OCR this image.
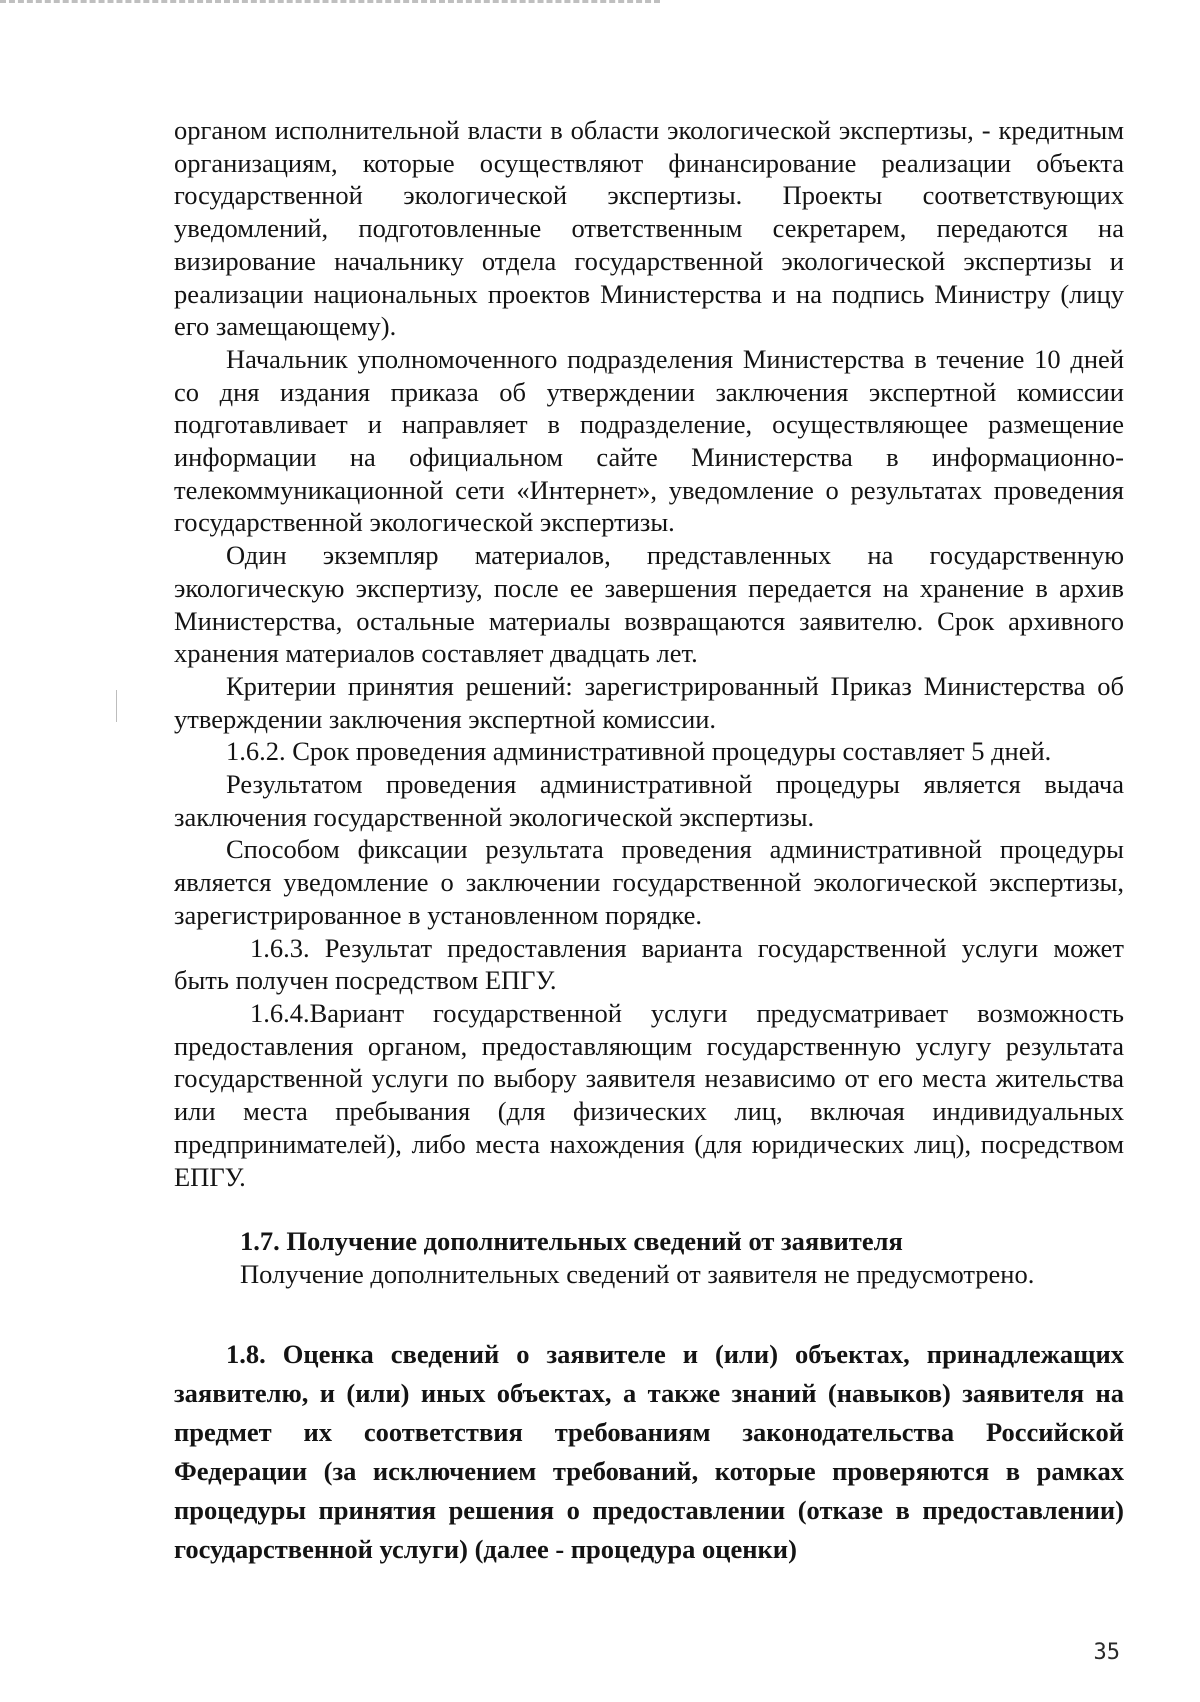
органом исполнительной власти в области экологической экспертизы, - кредитным организациям, которые осуществляют финансирование реализации объекта государственной экологической экспертизы. Проекты соответствующих уведомлений, подготовленные ответственным секретарем, передаются на визирование начальнику отдела государственной экологической экспертизы и реализации национальных проектов Министерства и на подпись Министру (лицу его замещающему).

Начальник уполномоченного подразделения Министерства в течение 10 дней со дня издания приказа об утверждении заключения экспертной комиссии подготавливает и направляет в подразделение, осуществляющее размещение информации на официальном сайте Министерства в информационно-телекоммуникационной сети «Интернет», уведомление о результатах проведения государственной экологической экспертизы.

Один экземпляр материалов, представленных на государственную экологическую экспертизу, после ее завершения передается на хранение в архив Министерства, остальные материалы возвращаются заявителю. Срок архивного хранения материалов составляет двадцать лет.

Критерии принятия решений: зарегистрированный Приказ Министерства об утверждении заключения экспертной комиссии.

1.6.2. Срок проведения административной процедуры составляет 5 дней.

Результатом проведения административной процедуры является выдача заключения государственной экологической экспертизы.

Способом фиксации результата проведения административной процедуры является уведомление о заключении государственной экологической экспертизы, зарегистрированное в установленном порядке.

1.6.3. Результат предоставления варианта государственной услуги может быть получен посредством ЕПГУ.

1.6.4.Вариант государственной услуги предусматривает возможность предоставления органом, предоставляющим государственную услугу результата государственной услуги по выбору заявителя независимо от его места жительства или места пребывания (для физических лиц, включая индивидуальных предпринимателей), либо места нахождения (для юридических лиц), посредством ЕПГУ.

1.7. Получение дополнительных сведений от заявителя

Получение дополнительных сведений от заявителя не предусмотрено.

1.8. Оценка сведений о заявителе и (или) объектах, принадлежащих заявителю, и (или) иных объектах, а также знаний (навыков) заявителя на предмет их соответствия требованиям законодательства Российской Федерации (за исключением требований, которые проверяются в рамках процедуры принятия решения о предоставлении (отказе в предоставлении) государственной услуги) (далее - процедура оценки)

35
